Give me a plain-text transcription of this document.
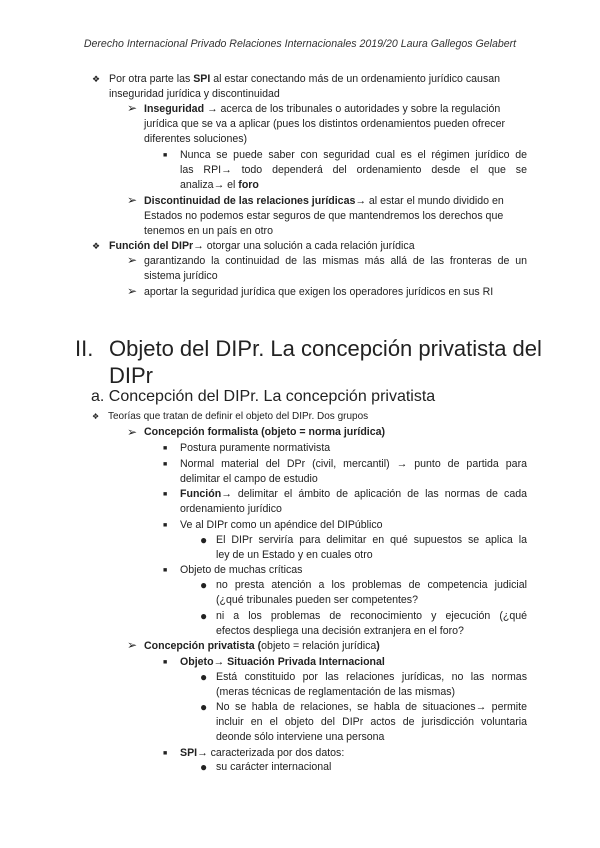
Derecho Internacional Privado Relaciones Internacionales 2019/20 Laura Gallegos Gelabert
❖ Por otra parte las SPI al estar conectando más de un ordenamiento jurídico causan
inseguridad jurídica y discontinuidad
➢ Inseguridad → acerca de los tribunales o autoridades y sobre la regulación
jurídica que se va a aplicar (pues los distintos ordenamientos pueden ofrecer
diferentes soluciones)
■ Nunca se puede saber con seguridad cual es el régimen jurídico de
las RPI→ todo dependerá del ordenamiento desde el que se
analiza→ el foro
➢ Discontinuidad de las relaciones jurídicas→ al estar el mundo dividido en
Estados no podemos estar seguros de que mantendremos los derechos que
tenemos en un país en otro
❖ Función del DIPr→ otorgar una solución a cada relación jurídica
➢ garantizando la continuidad de las mismas más allá de las fronteras de un
sistema jurídico
➢ aportar la seguridad jurídica que exigen los operadores jurídicos en sus RI
II. Objeto del DIPr. La concepción privatista del
DIPr
a. Concepción del DIPr. La concepción privatista
❖ Teorías que tratan de definir el objeto del DIPr. Dos grupos
➢ Concepción formalista (objeto = norma jurídica)
■ Postura puramente normativista
■ Normal material del DPr (civil, mercantil) → punto de partida para
delimitar el campo de estudio
■ Función→ delimitar el ámbito de aplicación de las normas de cada
ordenamiento jurídico
■ Ve al DIPr como un apéndice del DIPúblico
● El DIPr serviría para delimitar en qué supuestos se aplica la
ley de un Estado y en cuales otro
■ Objeto de muchas críticas
● no presta atención a los problemas de competencia judicial
(¿qué tribunales pueden ser competentes?
● ni a los problemas de reconocimiento y ejecución (¿qué
efectos despliega una decisión extranjera en el foro?
➢ Concepción privatista (objeto = relación jurídica)
■ Objeto→ Situación Privada Internacional
● Está constituido por las relaciones jurídicas, no las normas
(meras técnicas de reglamentación de las mismas)
● No se habla de relaciones, se habla de situaciones→ permite
incluir en el objeto del DIPr actos de jurisdicción voluntaria
deonde sólo interviene una persona
■ SPI→ caracterizada por dos datos:
● su carácter internacional
